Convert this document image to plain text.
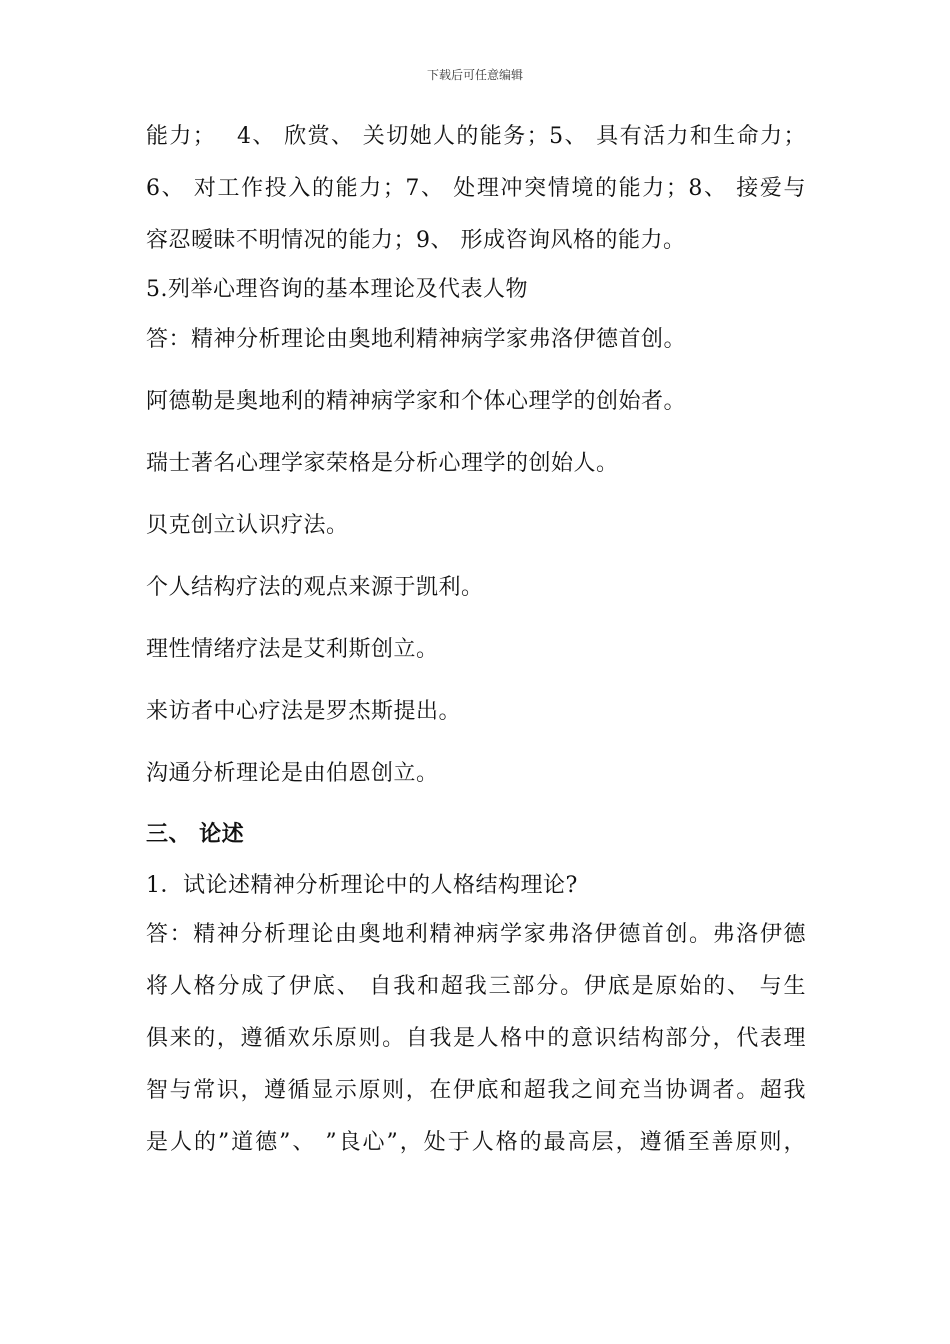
下载后可任意编辑
能力；　 4、 欣赏、 关切她人的能务；5、 具有活力和生命力；
6、 对工作投入的能力；7、 处理冲突情境的能力；8、 接爱与
容忍暧昧不明情况的能力；9、 形成咨询风格的能力。
5.列举心理咨询的基本理论及代表人物
答：精神分析理论由奥地利精神病学家弗洛伊德首创。
阿德勒是奥地利的精神病学家和个体心理学的创始者。
瑞士著名心理学家荣格是分析心理学的创始人。
贝克创立认识疗法。
个人结构疗法的观点来源于凯利。
理性情绪疗法是艾利斯创立。
来访者中心疗法是罗杰斯提出。
沟通分析理论是由伯恩创立。
三、 论述
1．试论述精神分析理论中的人格结构理论?
答：精神分析理论由奥地利精神病学家弗洛伊德首创。弗洛伊德
将人格分成了伊底、 自我和超我三部分。伊底是原始的、 与生
俱来的，遵循欢乐原则。自我是人格中的意识结构部分，代表理
智与常识，遵循显示原则，在伊底和超我之间充当协调者。超我
是人的”道德”、 ”良心”，处于人格的最高层，遵循至善原则，
